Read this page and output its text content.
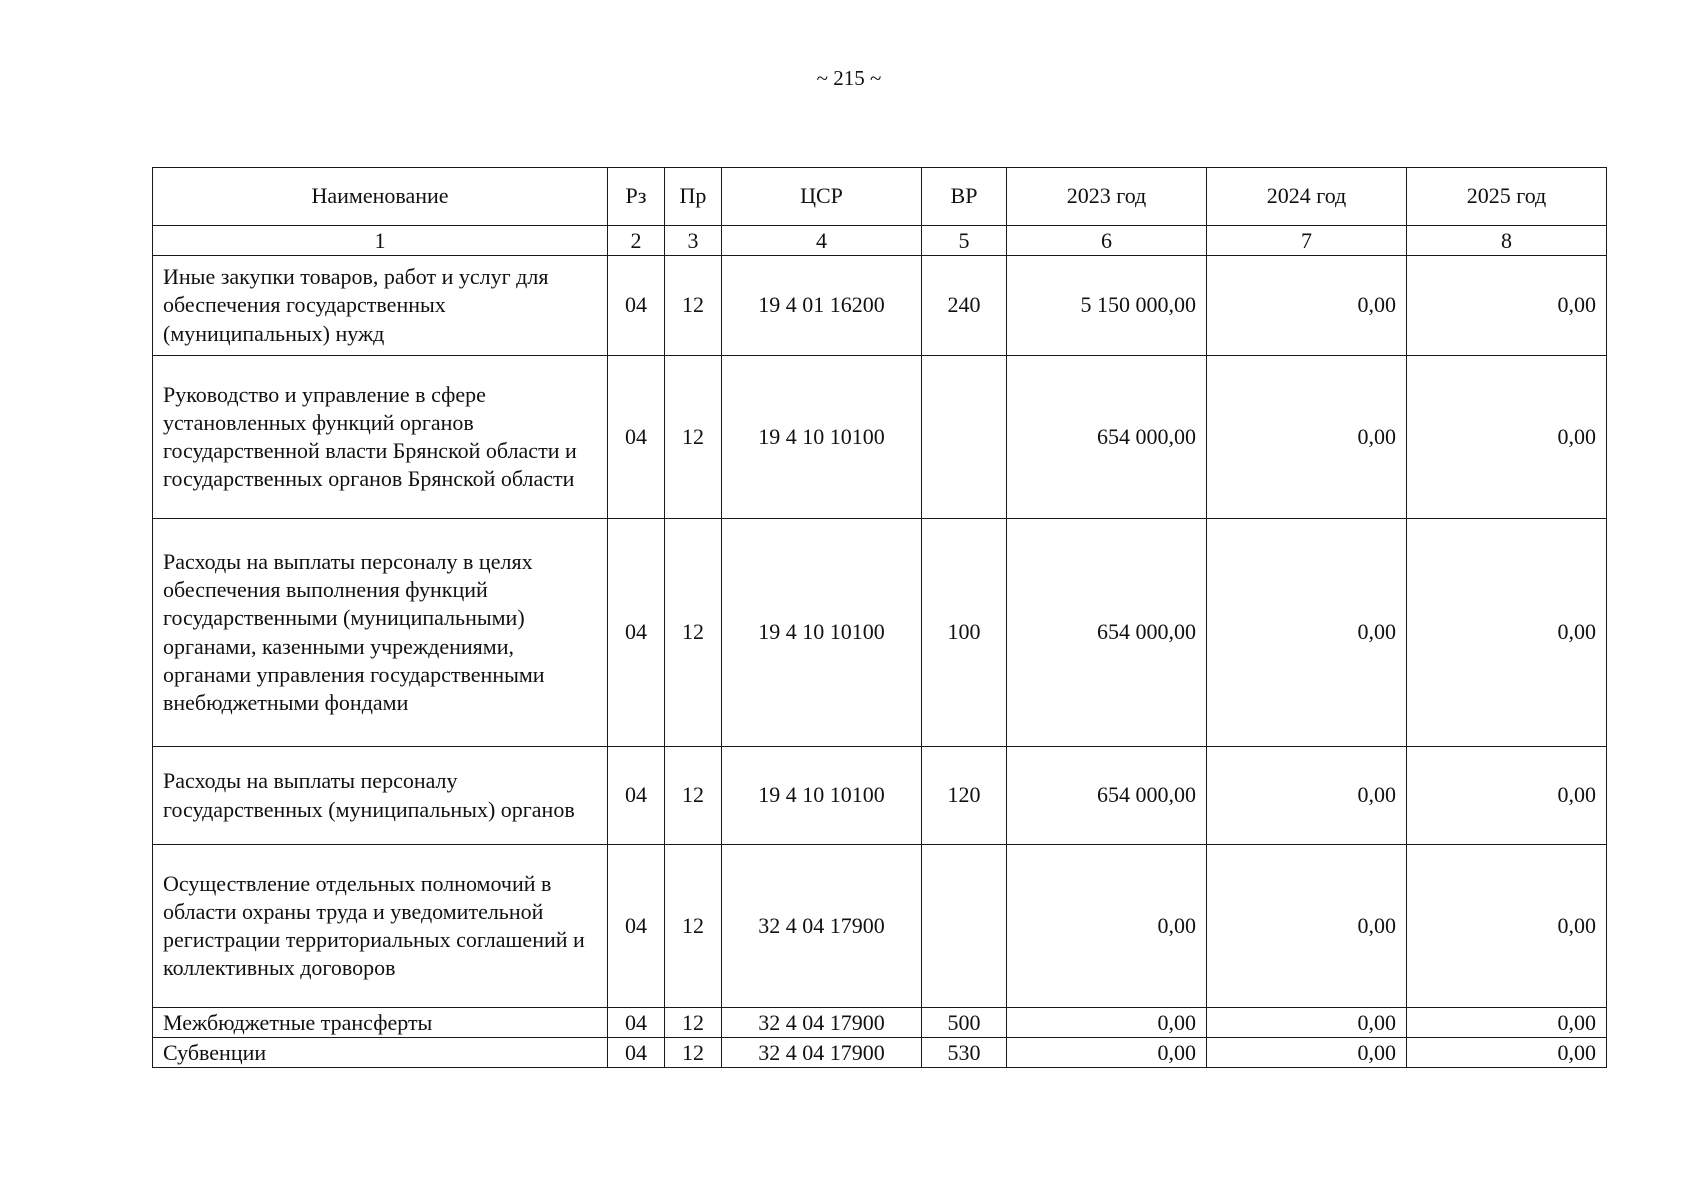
~ 215 ~
Наименование	Рз	Пр	ЦСР	ВР	2023 год	2024 год	2025 год
1	2	3	4	5	6	7	8
Иные закупки товаров, работ и услуг для обеспечения государственных (муниципальных) нужд	04	12	19 4 01 16200	240	5 150 000,00	0,00	0,00
Руководство и управление в сфере установленных функций органов государственной власти Брянской области и государственных органов Брянской области	04	12	19 4 10 10100		654 000,00	0,00	0,00
Расходы на выплаты персоналу в целях обеспечения выполнения функций государственными (муниципальными) органами, казенными учреждениями, органами управления государственными внебюджетными фондами	04	12	19 4 10 10100	100	654 000,00	0,00	0,00
Расходы на выплаты персоналу государственных (муниципальных) органов	04	12	19 4 10 10100	120	654 000,00	0,00	0,00
Осуществление отдельных полномочий в области охраны труда и уведомительной регистрации территориальных соглашений и коллективных договоров	04	12	32 4 04 17900		0,00	0,00	0,00
Межбюджетные трансферты	04	12	32 4 04 17900	500	0,00	0,00	0,00
Субвенции	04	12	32 4 04 17900	530	0,00	0,00	0,00
